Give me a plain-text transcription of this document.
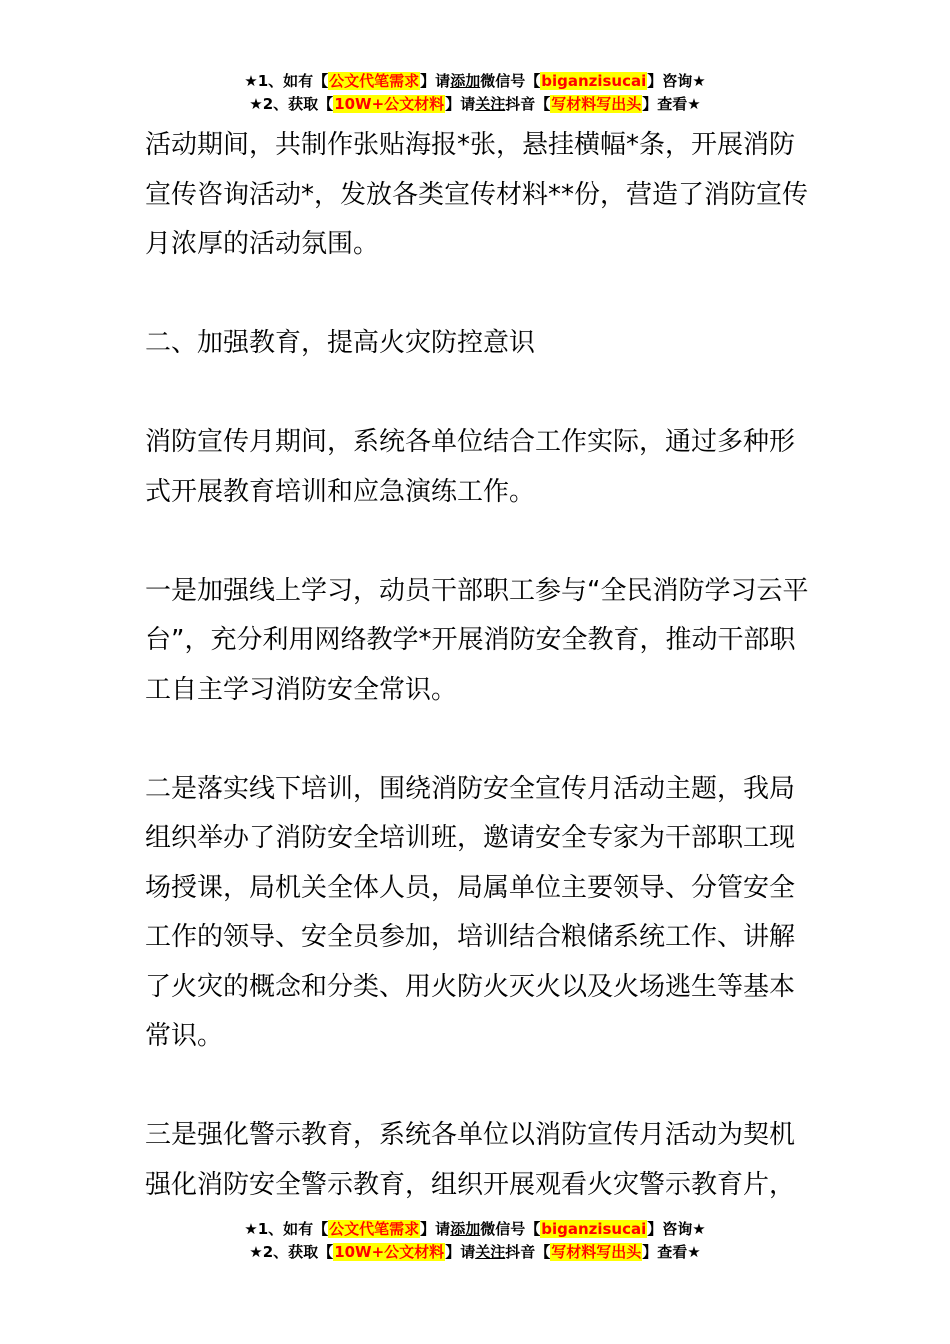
★1、如有【公文代笔需求】请添加微信号【biganzisucai】咨询★
★2、获取【10W+公文材料】请关注抖音【写材料写出头】查看★

活动期间，共制作张贴海报*张，悬挂横幅*条，开展消防宣传咨询活动*，发放各类宣传材料**份，营造了消防宣传月浓厚的活动氛围。

二、加强教育，提高火灾防控意识

消防宣传月期间，系统各单位结合工作实际，通过多种形式开展教育培训和应急演练工作。

一是加强线上学习，动员干部职工参与“全民消防学习云平台”，充分利用网络教学*开展消防安全教育，推动干部职工自主学习消防安全常识。

二是落实线下培训，围绕消防安全宣传月活动主题，我局组织举办了消防安全培训班，邀请安全专家为干部职工现场授课，局机关全体人员，局属单位主要领导、分管安全工作的领导、安全员参加，培训结合粮储系统工作、讲解了火灾的概念和分类、用火防火灭火以及火场逃生等基本常识。

三是强化警示教育，系统各单位以消防宣传月活动为契机强化消防安全警示教育，组织开展观看火灾警示教育片，

★1、如有【公文代笔需求】请添加微信号【biganzisucai】咨询★
★2、获取【10W+公文材料】请关注抖音【写材料写出头】查看★
